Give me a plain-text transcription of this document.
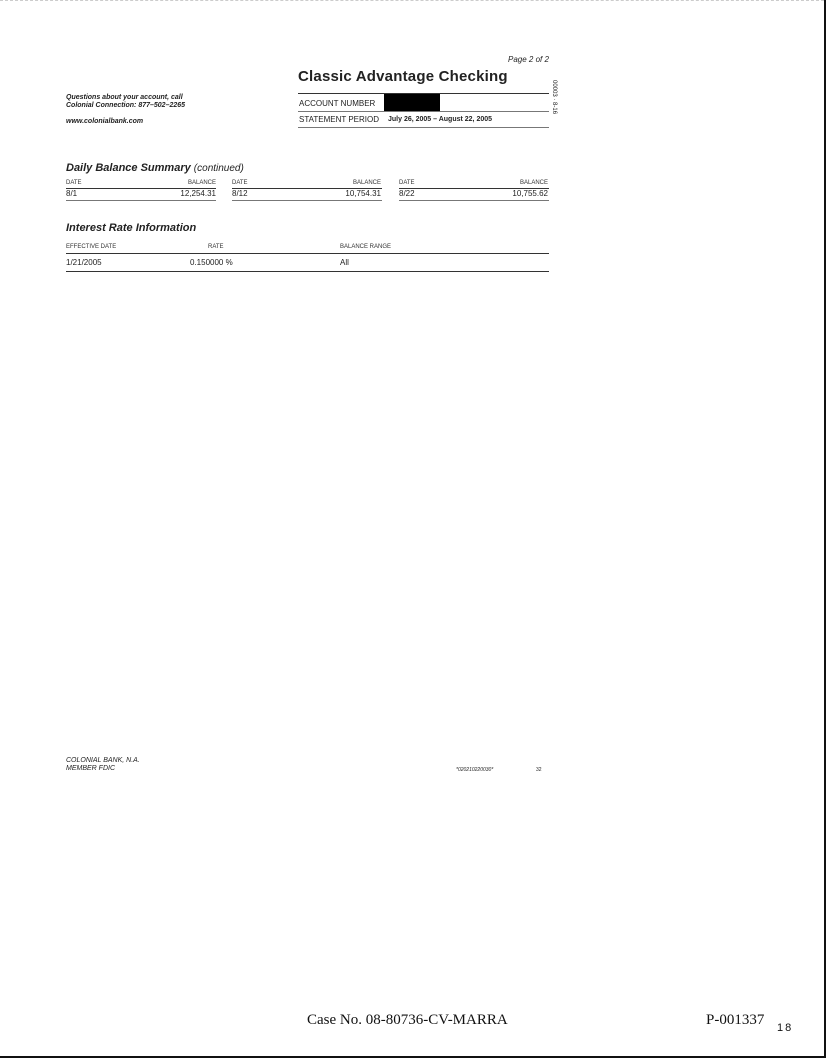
Page 2 of 2
Classic Advantage Checking
00003 · 8-16
Questions about your account, call
Colonial Connection: 877–502–2265
www.colonialbank.com
ACCOUNT NUMBER
STATEMENT PERIOD July 26, 2005 – August 22, 2005
Daily Balance Summary (continued)
DATE	BALANCE	DATE	BALANCE	DATE	BALANCE
8/1	12,254.31 8/12	10,754.31 8/22	10,755.62
Interest Rate Information
EFFECTIVE DATE	RATE	BALANCE RANGE
1/21/2005	0.150000 %	All
COLONIAL BANK, N.A.
MEMBER FDIC	*020210220030*	32
Case No. 08-80736-CV-MARRA	P-001337 18
